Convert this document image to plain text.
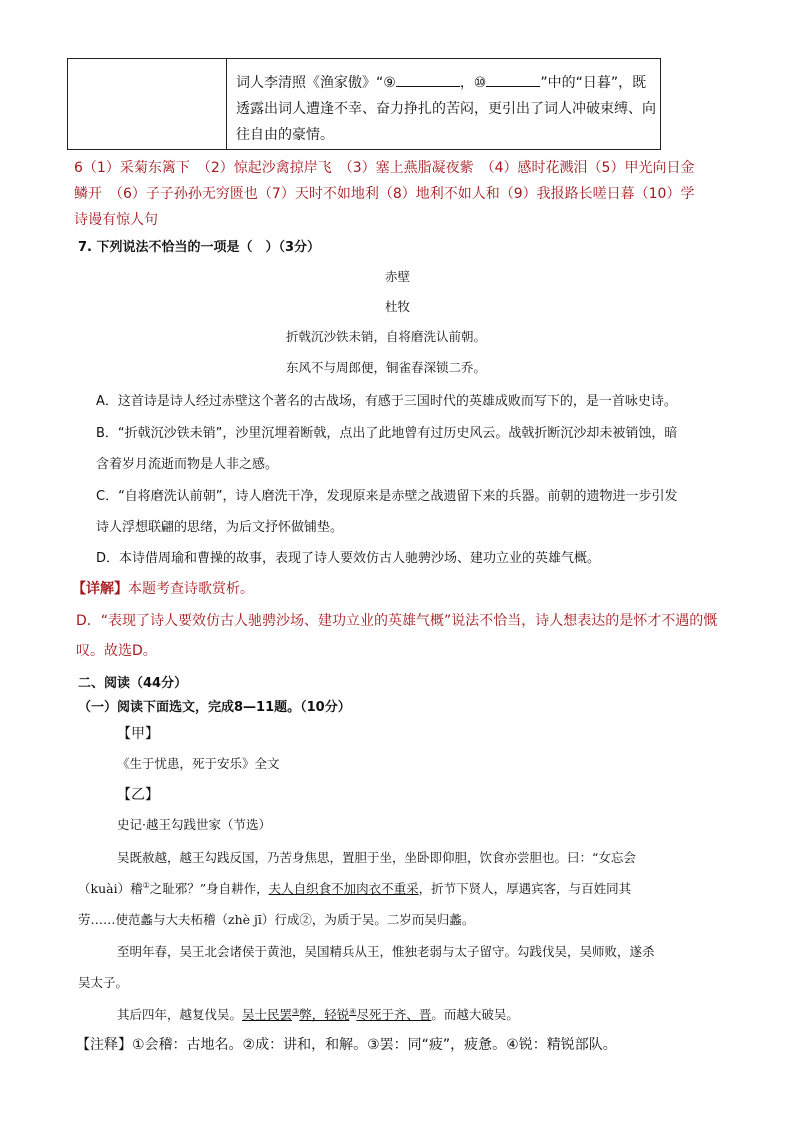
词人李清照《渔家傲》“⑨	，⑩	”中的“日暮”，既
透露出词人遭逢不幸、奋力挣扎的苦闷，更引出了词人冲破束缚、向
往自由的豪情。
6（1）采菊东篱下　（2）惊起沙禽掠岸飞　（3）塞上燕脂凝夜紫　（4）感时花溅泪（5）甲光向日金
鳞开　（6）子子孙孙无穷匮也（7）天时不如地利（8）地利不如人和（9）我报路长嗟日暮（10）学
诗谩有惊人句
7. 下列说法不恰当的一项是（　）（3分）
赤壁
杜牧
折戟沉沙铁未销，自将磨洗认前朝。
东风不与周郎便，铜雀春深锁二乔。
A．这首诗是诗人经过赤壁这个著名的古战场，有感于三国时代的英雄成败而写下的，是一首咏史诗。
B．“折戟沉沙铁未销”，沙里沉埋着断戟，点出了此地曾有过历史风云。战戟折断沉沙却未被销蚀，暗
含着岁月流逝而物是人非之感。
C．“自将磨洗认前朝”，诗人磨洗干净，发现原来是赤壁之战遗留下来的兵器。前朝的遗物进一步引发
诗人浮想联翩的思绪，为后文抒怀做铺垫。
D．本诗借周瑜和曹操的故事，表现了诗人要效仿古人驰骋沙场、建功立业的英雄气概。
【详解】本题考查诗歌赏析。
D．“表现了诗人要效仿古人驰骋沙场、建功立业的英雄气概”说法不恰当，诗人想表达的是怀才不遇的慨
叹。故选D。
二、阅读（44分）
（一）阅读下面选文，完成8—11题。（10分）
【甲】
《生于忧患，死于安乐》全文
【乙】
史记·越王勾践世家（节选）
吴既赦越，越王勾践反国，乃苦身焦思，置胆于坐，坐卧即仰胆，饮食亦尝胆也。曰：“女忘会
（kuài）稽①之耻邪？”身自耕作，夫人自织食不加肉衣不重采，折节下贤人，厚遇宾客，与百姓同其
劳……使范蠡与大夫柘稽（zhè jī）行成②，为质于吴。二岁而吴归蠡。
至明年春，吴王北会诸侯于黄池，吴国精兵从王，惟独老弱与太子留守。勾践伐吴，吴师败，遂杀
吴太子。
其后四年，越复伐吴。吴士民罢③弊，轻锐④尽死于齐、晋。而越大破吴。
【注释】①会稽：古地名。②成：讲和，和解。③罢：同“疲”，疲惫。④锐：精锐部队。
